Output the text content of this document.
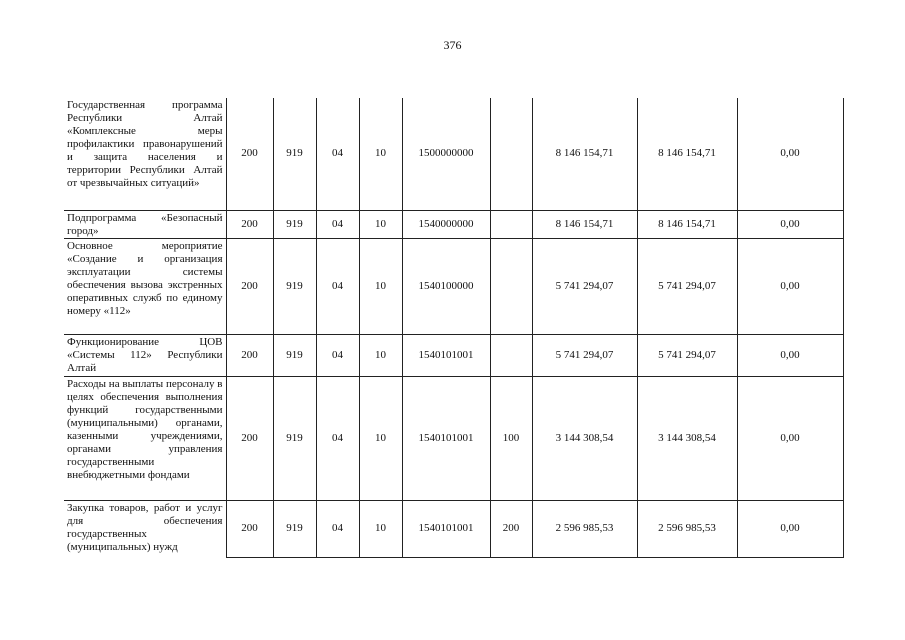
376
Государственная программа Республики Алтай «Комплексные меры профилактики правонарушений и защита населения и территории Республики Алтай от чрезвычайных ситуаций»	200	919	04	10	1500000000		8 146 154,71	8 146 154,71	0,00
Подпрограмма «Безопасный город»	200	919	04	10	1540000000		8 146 154,71	8 146 154,71	0,00
Основное мероприятие «Создание и организация эксплуатации системы обеспечения вызова экстренных оперативных служб по единому номеру «112»	200	919	04	10	1540100000		5 741 294,07	5 741 294,07	0,00
Функционирование ЦОВ «Системы 112» Республики Алтай	200	919	04	10	1540101001		5 741 294,07	5 741 294,07	0,00
Расходы на выплаты персоналу в целях обеспечения выполнения функций государственными (муниципальными) органами, казенными учреждениями, органами управления государственными внебюджетными фондами	200	919	04	10	1540101001	100	3 144 308,54	3 144 308,54	0,00
Закупка товаров, работ и услуг для обеспечения государственных (муниципальных) нужд	200	919	04	10	1540101001	200	2 596 985,53	2 596 985,53	0,00
